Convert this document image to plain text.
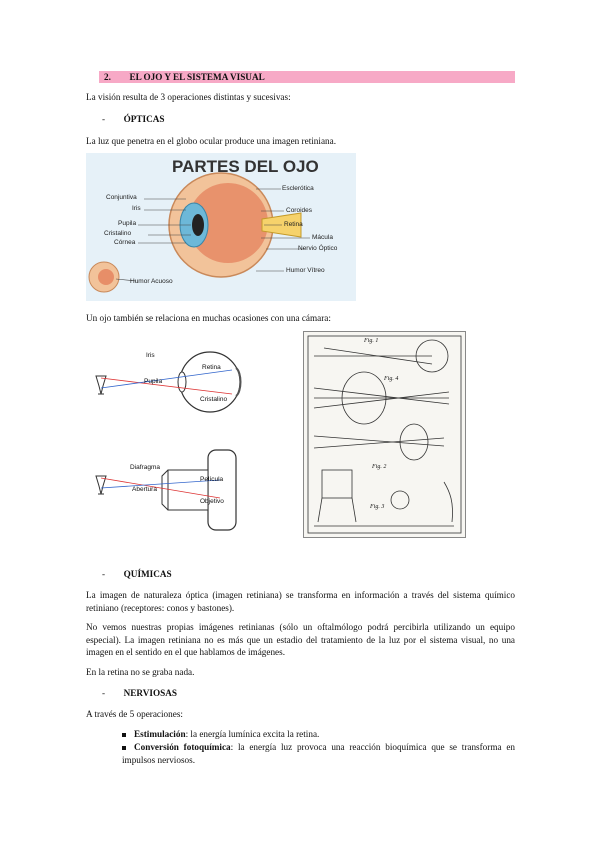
2. EL OJO Y EL SISTEMA VISUAL
La visión resulta de 3 operaciones distintas y sucesivas:
- ÓPTICAS
La luz que penetra en el globo ocular produce una imagen retiniana.
PARTES DEL OJO
Conjuntiva
Iris
Pupila
Cristalino
Córnea
Esclerótica
Coroides
Retina
Mácula
Nervio Óptico
Humor Vítreo
Humor Acuoso
Un ojo también se relaciona en muchas ocasiones con una cámara:
Iris
Retina
Pupila
Cristalino
Diafragma
Película
Abertura
Objetivo
Fig. 1
Fig. 4
Fig. 2
Fig. 3
- QUÍMICAS
La imagen de naturaleza óptica (imagen retiniana) se transforma en información a través del sistema químico retiniano (receptores: conos y bastones).
No vemos nuestras propias imágenes retinianas (sólo un oftalmólogo podrá percibirla utilizando un equipo especial). La imagen retiniana no es más que un estadio del tratamiento de la luz por el sistema visual, no una imagen en el sentido en el que hablamos de imágenes.
En la retina no se graba nada.
- NERVIOSAS
A través de 5 operaciones:
Estimulación: la energía lumínica excita la retina.
Conversión fotoquímica: la energía luz provoca una reacción bioquímica que se transforma en impulsos nerviosos.
